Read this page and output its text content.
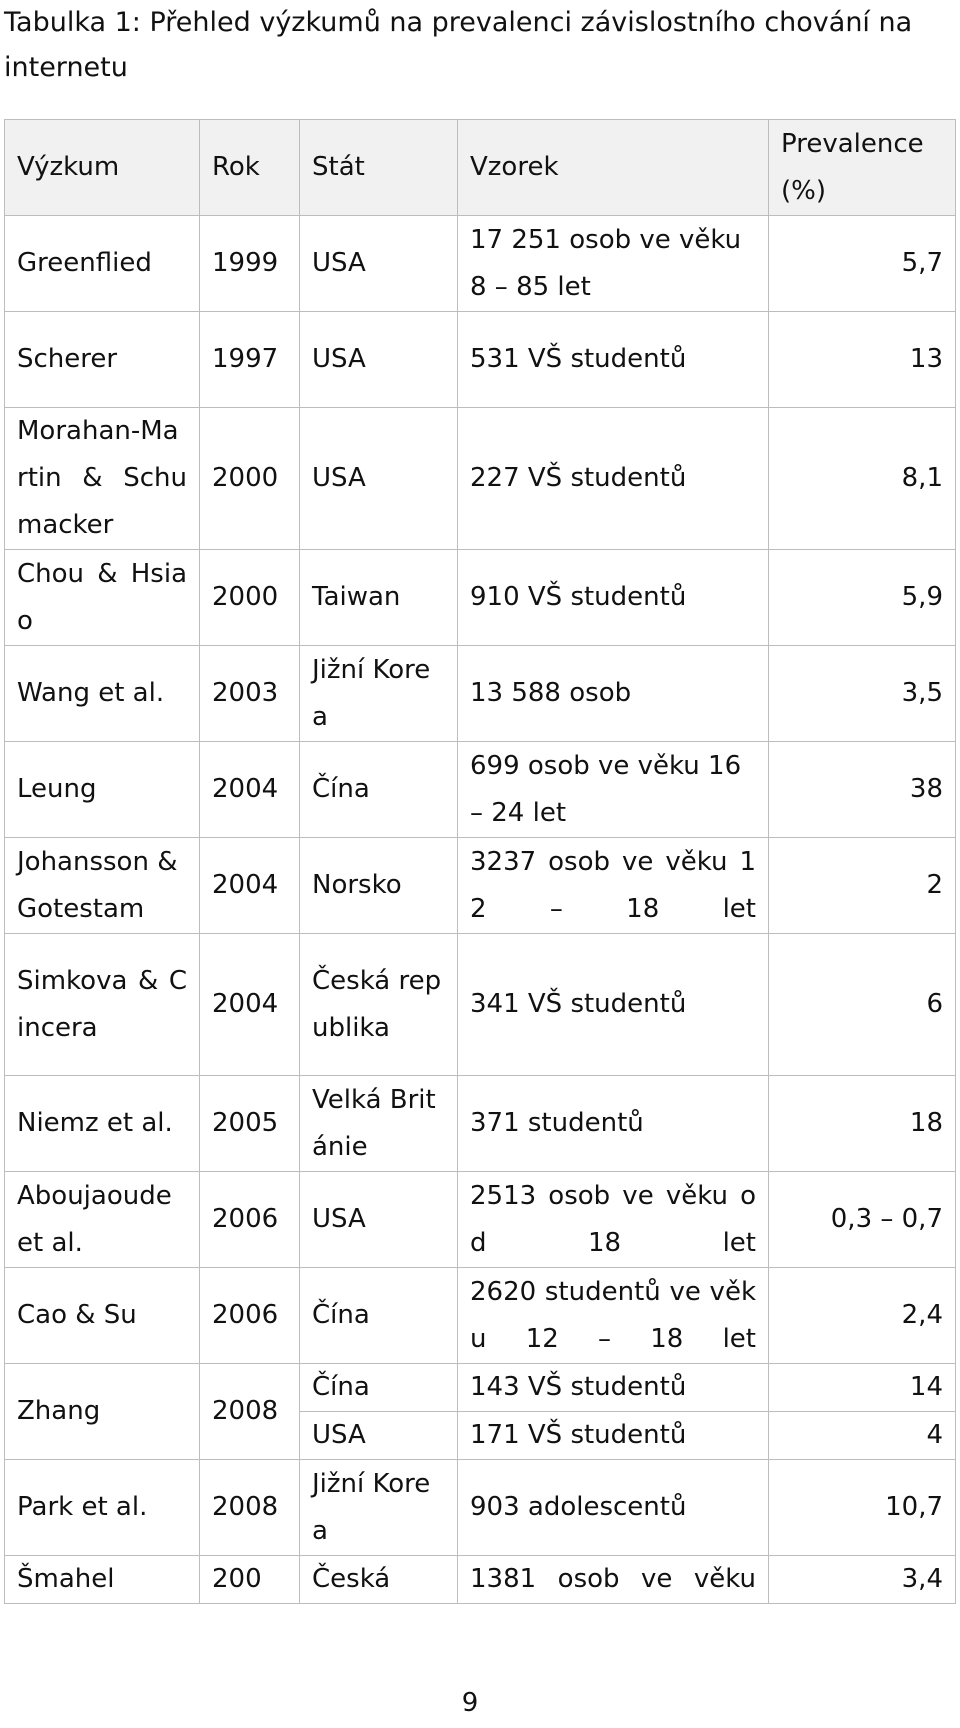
Tabulka 1: Přehled výzkumů na prevalenci závislostního chování na internetu
Výzkum	Rok	Stát	Vzorek	Prevalence (%)
Greenflied	1999	USA	17 251 osob ve věku 8 – 85 let	5,7
Scherer	1997	USA	531 VŠ studentů	13
Morahan-Martin & Schumacker	2000	USA	227 VŠ studentů	8,1
Chou & Hsiao	2000	Taiwan	910 VŠ studentů	5,9
Wang et al.	2003	Jižní Korea	13 588 osob	3,5
Leung	2004	Čína	699 osob ve věku 16 – 24 let	38
Johansson & Gotestam	2004	Norsko	3237 osob ve věku 12 – 18 let	2
Simkova & Cincera	2004	Česká republika	341 VŠ studentů	6
Niemz et al.	2005	Velká Británie	371 studentů	18
Aboujaoude et al.	2006	USA	2513 osob ve věku od 18 let	0,3 – 0,7
Cao & Su	2006	Čína	2620 studentů ve věku 12 – 18 let	2,4
Zhang	2008	Čína	143 VŠ studentů	14
		USA	171 VŠ studentů	4
Park et al.	2008	Jižní Korea	903 adolescentů	10,7
Šmahel	200	Česká	1381 osob ve věku	3,4
9
